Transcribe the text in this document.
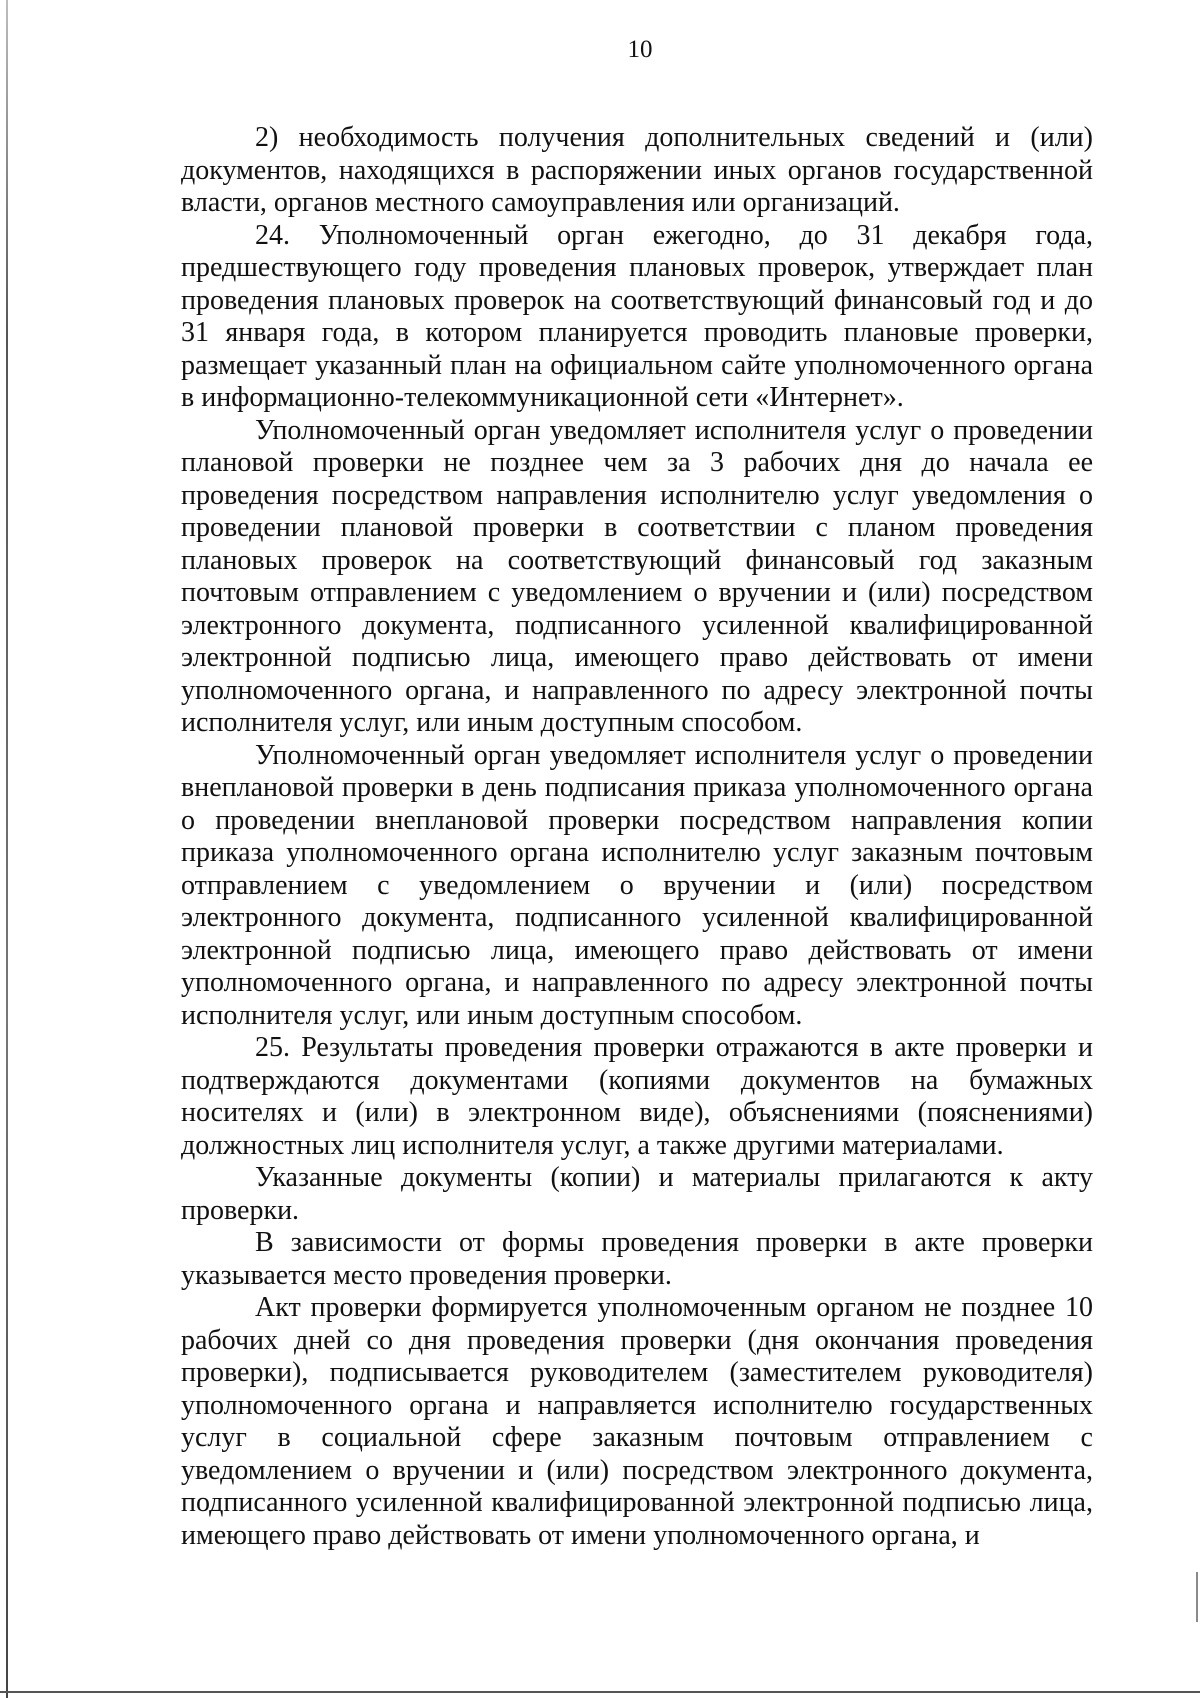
10

2) необходимость получения дополнительных сведений и (или) документов, находящихся в распоряжении иных органов государственной власти, органов местного самоуправления или организаций.

24. Уполномоченный орган ежегодно, до 31 декабря года, предшествующего году проведения плановых проверок, утверждает план проведения плановых проверок на соответствующий финансовый год и до 31 января года, в котором планируется проводить плановые проверки, размещает указанный план на официальном сайте уполномоченного органа в информационно-телекоммуникационной сети «Интернет».

Уполномоченный орган уведомляет исполнителя услуг о проведении плановой проверки не позднее чем за 3 рабочих дня до начала ее проведения посредством направления исполнителю услуг уведомления о проведении плановой проверки в соответствии с планом проведения плановых проверок на соответствующий финансовый год заказным почтовым отправлением с уведомлением о вручении и (или) посредством электронного документа, подписанного усиленной квалифицированной электронной подписью лица, имеющего право действовать от имени уполномоченного органа, и направленного по адресу электронной почты исполнителя услуг, или иным доступным способом.

Уполномоченный орган уведомляет исполнителя услуг о проведении внеплановой проверки в день подписания приказа уполномоченного органа о проведении внеплановой проверки посредством направления копии приказа уполномоченного органа исполнителю услуг заказным почтовым отправлением с уведомлением о вручении и (или) посредством электронного документа, подписанного усиленной квалифицированной электронной подписью лица, имеющего право действовать от имени уполномоченного органа, и направленного по адресу электронной почты исполнителя услуг, или иным доступным способом.

25. Результаты проведения проверки отражаются в акте проверки и подтверждаются документами (копиями документов на бумажных носителях и (или) в электронном виде), объяснениями (пояснениями) должностных лиц исполнителя услуг, а также другими материалами.

Указанные документы (копии) и материалы прилагаются к акту проверки.

В зависимости от формы проведения проверки в акте проверки указывается место проведения проверки.

Акт проверки формируется уполномоченным органом не позднее 10 рабочих дней со дня проведения проверки (дня окончания проведения проверки), подписывается руководителем (заместителем руководителя) уполномоченного органа и направляется исполнителю государственных услуг в социальной сфере заказным почтовым отправлением с уведомлением о вручении и (или) посредством электронного документа, подписанного усиленной квалифицированной электронной подписью лица, имеющего право действовать от имени уполномоченного органа, и
